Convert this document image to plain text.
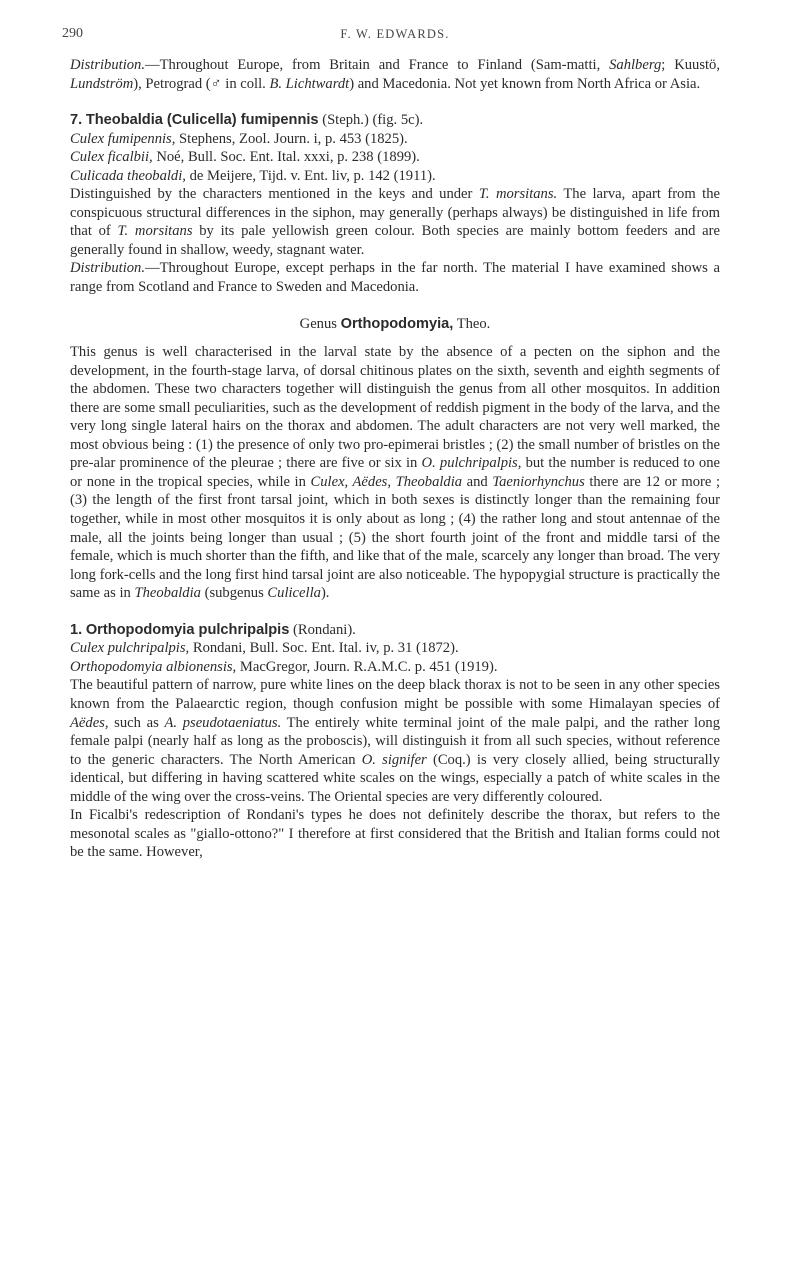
290	F. W. EDWARDS.

Distribution.—Throughout Europe, from Britain and France to Finland (Sam-matti, Sahlberg; Kuustö, Lundström), Petrograd (♂ in coll. B. Lichtwardt) and Macedonia. Not yet known from North Africa or Asia.

7. Theobaldia (Culicella) fumipennis (Steph.) (fig. 5c).

Culex fumipennis, Stephens, Zool. Journ. i, p. 453 (1825).

Culex ficalbii, Noé, Bull. Soc. Ent. Ital. xxxi, p. 238 (1899).

Culicada theobaldi, de Meijere, Tijd. v. Ent. liv, p. 142 (1911).

Distinguished by the characters mentioned in the keys and under T. morsitans. The larva, apart from the conspicuous structural differences in the siphon, may generally (perhaps always) be distinguished in life from that of T. morsitans by its pale yellowish green colour. Both species are mainly bottom feeders and are generally found in shallow, weedy, stagnant water.

Distribution.—Throughout Europe, except perhaps in the far north. The material I have examined shows a range from Scotland and France to Sweden and Macedonia.

Genus Orthopodomyia, Theo.

This genus is well characterised in the larval state by the absence of a pecten on the siphon and the development, in the fourth-stage larva, of dorsal chitinous plates on the sixth, seventh and eighth segments of the abdomen. These two characters together will distinguish the genus from all other mosquitos. In addition there are some small peculiarities, such as the development of reddish pigment in the body of the larva, and the very long single lateral hairs on the thorax and abdomen. The adult characters are not very well marked, the most obvious being : (1) the presence of only two pro-epimerai bristles ; (2) the small number of bristles on the pre-alar prominence of the pleurae ; there are five or six in O. pulchripalpis, but the number is reduced to one or none in the tropical species, while in Culex, Aëdes, Theobaldia and Taeniorhynchus there are 12 or more ; (3) the length of the first front tarsal joint, which in both sexes is distinctly longer than the remaining four together, while in most other mosquitos it is only about as long ; (4) the rather long and stout antennae of the male, all the joints being longer than usual ; (5) the short fourth joint of the front and middle tarsi of the female, which is much shorter than the fifth, and like that of the male, scarcely any longer than broad. The very long fork-cells and the long first hind tarsal joint are also noticeable. The hypopygial structure is practically the same as in Theobaldia (subgenus Culicella).

1. Orthopodomyia pulchripalpis (Rondani).

Culex pulchripalpis, Rondani, Bull. Soc. Ent. Ital. iv, p. 31 (1872).

Orthopodomyia albionensis, MacGregor, Journ. R.A.M.C. p. 451 (1919).

The beautiful pattern of narrow, pure white lines on the deep black thorax is not to be seen in any other species known from the Palaearctic region, though confusion might be possible with some Himalayan species of Aëdes, such as A. pseudotaeniatus. The entirely white terminal joint of the male palpi, and the rather long female palpi (nearly half as long as the proboscis), will distinguish it from all such species, without reference to the generic characters. The North American O. signifer (Coq.) is very closely allied, being structurally identical, but differing in having scattered white scales on the wings, especially a patch of white scales in the middle of the wing over the cross-veins. The Oriental species are very differently coloured.

In Ficalbi's redescription of Rondani's types he does not definitely describe the thorax, but refers to the mesonotal scales as "giallo-ottono?" I therefore at first considered that the British and Italian forms could not be the same. However,
